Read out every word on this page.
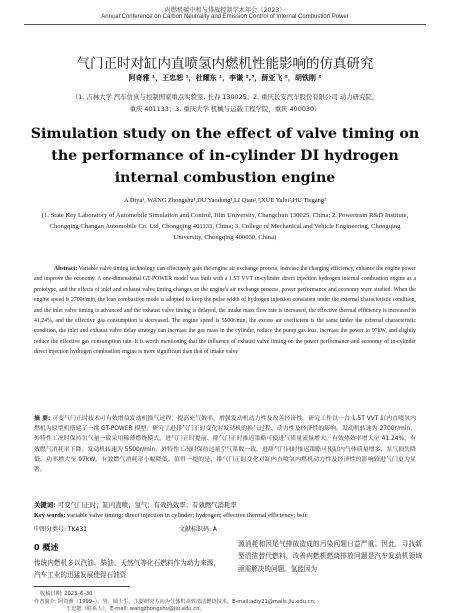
内燃机碳中和与排放控制学术年会（2023）
Annual Conference on Carbon Neutrality and Emission Control of Internal Combustion Power
气门正时对缸内直喷氢内燃机性能影响的仿真研究
阿奇雅 ¹，王忠恕 ¹，杜耀东 ¹，李谦 ²,³，薛亚飞 ²，胡铁刚 ²
（1. 吉林大学 汽车仿真与控制国家重点实验室, 长春 130025；2. 重庆长安汽车股份有限公司 动力研究院，
重庆 401133；3. 重庆大学 机械与运载工程学院，重庆 400030）
Simulation study on the effect of valve timing on the performance of in-cylinder DI hydrogen internal combustion engine
A Diya¹, WANG Zhongshu¹,DU Yaodong¹,LI Qian²,³,XUE Yafei²,HU Tiegang²
(1. State Key Laboratory of Automobile Simulation and Control, Jilin University, Changchun 130025, China; 2. Powertrain R&D Institute, Chongqing Changan Automobile Co. Ltd, Chongqing 401133, China; 3. College of Mechanical and Vehicle Engineering, Chongqing University, Chongqing 400030, China)
Abstract: Variable valve timing technology can effectively gain the engine air exchange process, increase the charging efficiency, enhance the engine power and improve the economy. A one-dimensional GT-POWER model was built with a 1.5T VVT in-cylinder direct injection hydrogen internal combustion engine as a prototype, and the effects of inlet and exhaust valve timing changes on the engine's air exchange process, power performance and economy were studied. When the engine speed is 2700r/min, the lean combustion mode is adopted to keep the pulse width of hydrogen injection consistent under the external characteristic condition, and the inlet valve timing is advanced and the exhaust valve timing is delayed, the intake mass flow rate is increased, the effective thermal efficiency is increased to 41.24%, and the effective gas consumption is decreased. The engine speed is 5500r/min, the excess air coefficient is the same under the external characteristic condition, the inlet and exhaust valve delay strategy can increase the gas mass in the cylinder, reduce the pump gas loss, increase the power to 97kW, and slightly reduce the effective gas consumption rate. It is worth mentioning that the influence of exhaust valve timing on the power performance and economy of in-cylinder direct injection hydrogen combustion engine is more significant than that of intake valve
摘 要: 可变气门正时技术可有效增益发动机换气过程，提高充气效率，增强发动机动力性及改善经济性。研究工作以一台 1.5T VVT 缸内直喷氢内燃机为原型机搭建了一维 GT-POWER 模型，研究了进排气门正时变化对发动机的换气过程、动力性及经济性的影响。发动机转速为 2700r/min，外特性工况时保持氢气量一致采用稀薄燃烧模式，进气门正时提前、排气门正时推迟策略可使进气质量流量增大，有效热效率增大至 41.24%，有效燃气消耗率下降。发动机转速为 5500r/min，外特性工况时保持过量空气系数一致，进排气门同时推迟策略可使缸内气体质量增多，泵气损失降低，功率增大至 97kW，有效燃气消耗率小幅降低。值得一提的是，排气门正时变化对缸内直喷氢内燃机动力性及经济性的影响较进气门更为显著。
关键词: 可变气门正时；缸内直喷；氢气；有效热效率；有效燃气消耗率
Key words: variable valve timing; direct injection in cylinder; hydrogen; effective thermal efficiency; bsfc
中图分类号: TK431	文献标识码: A
0 概述
传统内燃机多以汽油、柴油、天然气等化石燃料作为动力来源，汽车工业的迅猛发展使得石油资
源消耗和因尾气排放造成的污染问题日益严重。因此，寻找新型清洁替代燃料，改善内燃机燃烧排放问题是汽车发动机领域亟需解决的问题。氢能因为
收稿日期: 2023–6–30
作者简介: 阿奇雅（1999–），男，硕士生，主要研究方向为气体机高效清洁燃烧技术。E-mail:adiy21@mails.jlu.edu.cn;
王忠恕（联系人），E-mail: wangzhongshu@jlu.edu.cn。
